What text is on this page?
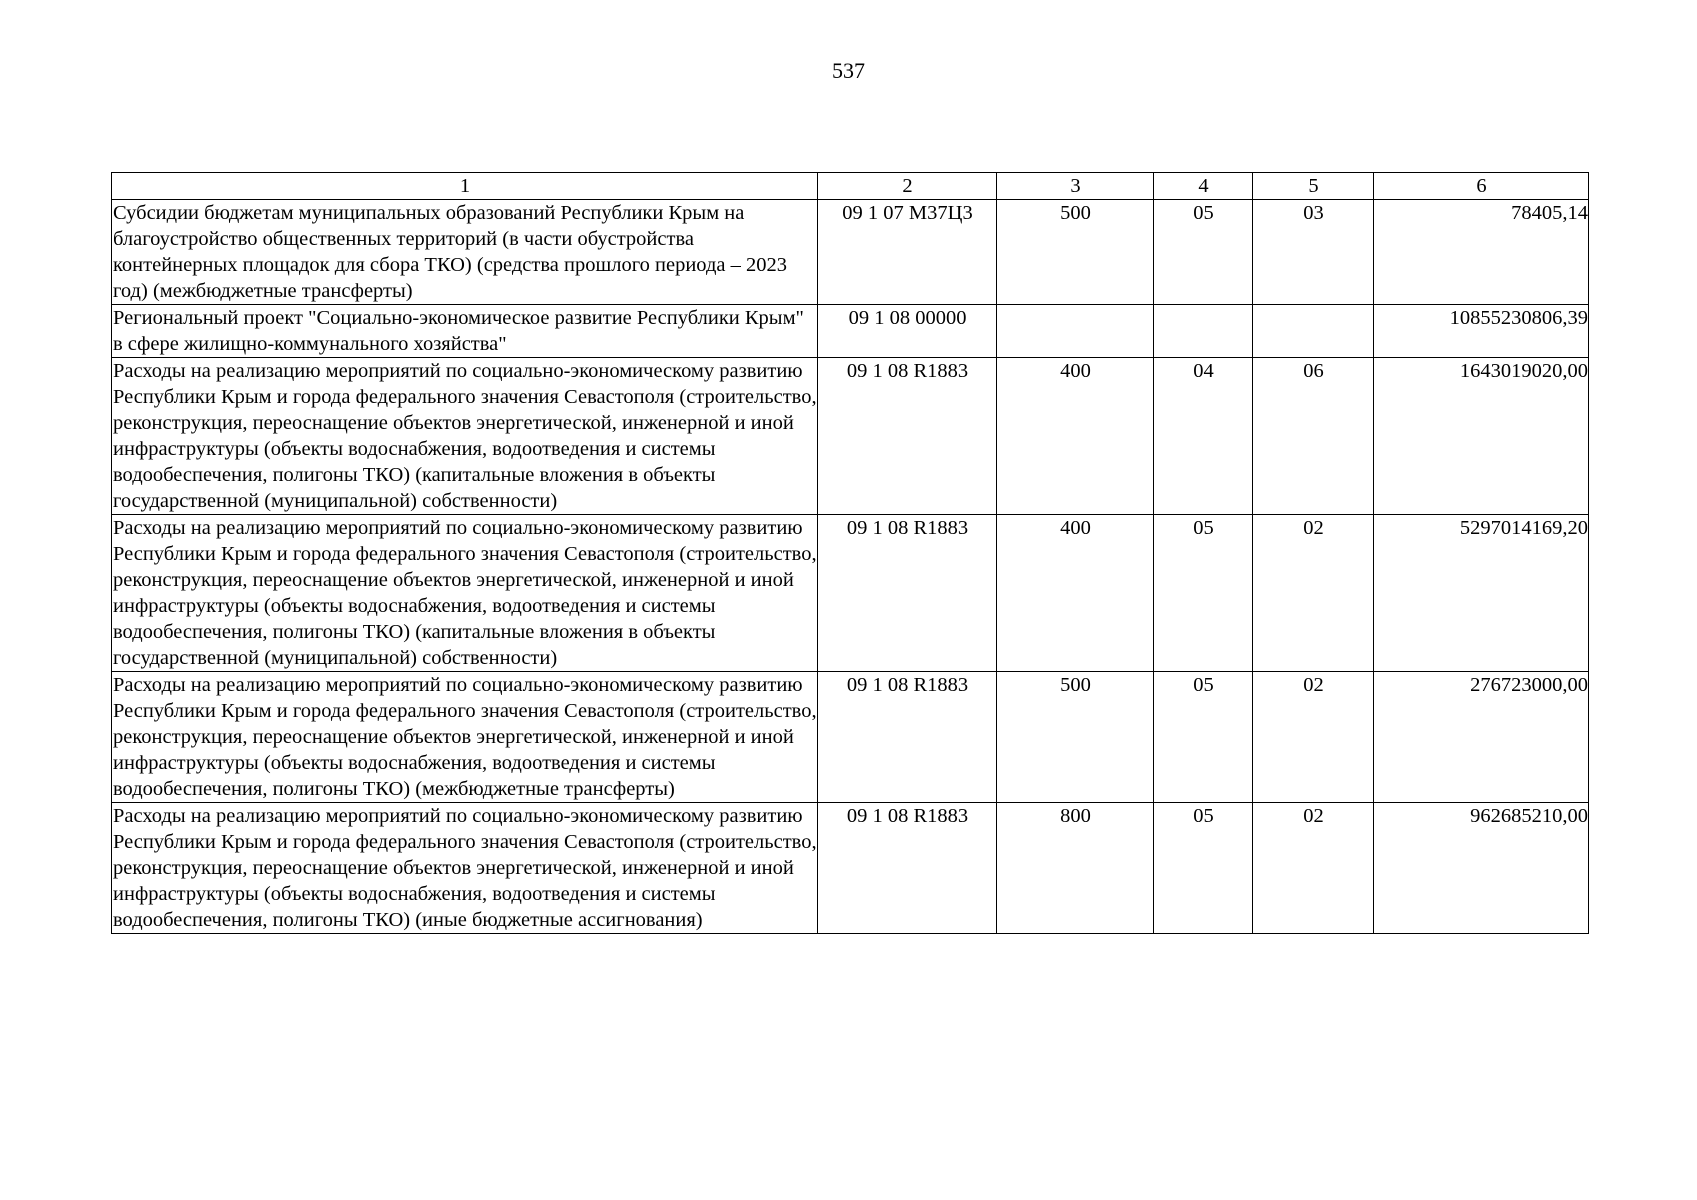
537
1	2	3	4	5	6
Субсидии бюджетам муниципальных образований Республики Крым на благоустройство общественных территорий (в части обустройства контейнерных площадок для сбора ТКО) (средства прошлого периода – 2023 год) (межбюджетные трансферты)	09 1 07 М37Ц3	500	05	03	78405,14
Региональный проект "Социально-экономическое развитие Республики Крым" в сфере жилищно-коммунального хозяйства"	09 1 08 00000				10855230806,39
Расходы на реализацию мероприятий по социально-экономическому развитию Республики Крым и города федерального значения Севастополя (строительство, реконструкция, переоснащение объектов энергетической, инженерной и иной инфраструктуры (объекты водоснабжения, водоотведения и системы водообеспечения, полигоны ТКО) (капитальные вложения в объекты государственной (муниципальной) собственности)	09 1 08 R1883	400	04	06	1643019020,00
Расходы на реализацию мероприятий по социально-экономическому развитию Республики Крым и города федерального значения Севастополя (строительство, реконструкция, переоснащение объектов энергетической, инженерной и иной инфраструктуры (объекты водоснабжения, водоотведения и системы водообеспечения, полигоны ТКО) (капитальные вложения в объекты государственной (муниципальной) собственности)	09 1 08 R1883	400	05	02	5297014169,20
Расходы на реализацию мероприятий по социально-экономическому развитию Республики Крым и города федерального значения Севастополя (строительство, реконструкция, переоснащение объектов энергетической, инженерной и иной инфраструктуры (объекты водоснабжения, водоотведения и системы водообеспечения, полигоны ТКО) (межбюджетные трансферты)	09 1 08 R1883	500	05	02	276723000,00
Расходы на реализацию мероприятий по социально-экономическому развитию Республики Крым и города федерального значения Севастополя (строительство, реконструкция, переоснащение объектов энергетической, инженерной и иной инфраструктуры (объекты водоснабжения, водоотведения и системы водообеспечения, полигоны ТКО) (иные бюджетные ассигнования)	09 1 08 R1883	800	05	02	962685210,00
